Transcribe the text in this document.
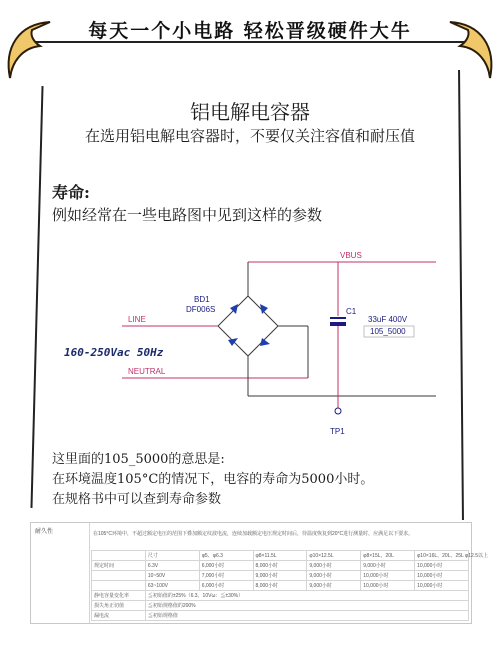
每天一个小电路 轻松晋级硬件大牛
铝电解电容器
在选用铝电解电容器时，不要仅关注容值和耐压值
寿命:
例如经常在一些电路图中见到这样的参数
VBUS
BD1
DF006S
LINE
NEUTRAL
C1
33uF 400V
105_5000
TP1
160-250Vac 50Hz
这里面的105_5000的意思是:
在环境温度105°C的情况下，电容的寿命为5000小时。
在规格书中可以查到寿命参数
耐久性	在105°C环境中，不超过额定电压的范围下叠加额定纹波电流，连续加载额定电压规定时间后，待温度恢复到20°C进行测量时，应满足以下要求。
	尺寸	φ5、φ6.3	φ8×11.5L	φ10×12.5L	φ8×15L、20L	φ10×16L、20L、25L φ12.5以上
规定时间	6.3V	6,000小时	8,000小时	9,000小时	9,000小时	10,000小时
	10~50V	7,000小时	9,000小时	9,000小时	10,000小时	10,000小时
	63~100V	6,000小时	8,000小时	9,000小时	10,000小时	10,000小时
静电容量变化率	≦初始值的±25%（6.3、10Vω：≦±30%）					
损失角正切值	≦初始规格值的200%					
漏电流	≦初始规格值					
